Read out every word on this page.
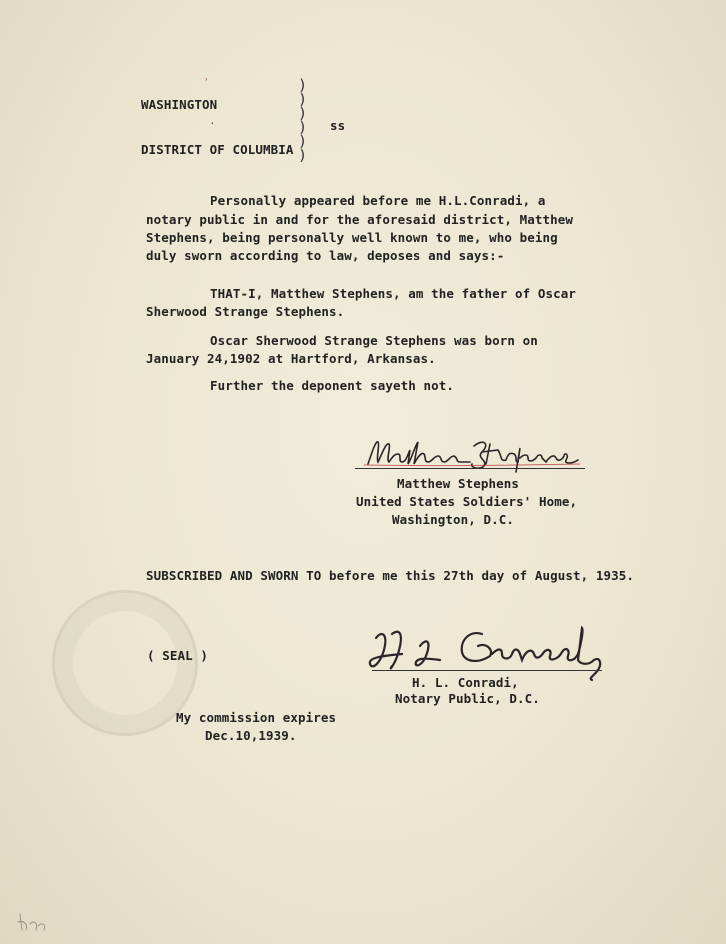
ʾ
·
WASHINGTON
DISTRICT OF COLUMBIA
)
)
)
)
)
)
ss
Personally appeared before me H.L.Conradi, a
notary public in and for the aforesaid district, Matthew
Stephens, being personally well known to me, who being
duly sworn according to law, deposes and says:-
THAT-I, Matthew Stephens, am the father of Oscar
Sherwood Strange Stephens.
Oscar Sherwood Strange Stephens was born on
January 24,1902 at Hartford, Arkansas.
Further the deponent sayeth not.
Matthew Stephens
United States Soldiers' Home,
Washington, D.C.
SUBSCRIBED AND SWORN TO before me this 27th day of August, 1935.
( SEAL )
H. L. Conradi,
Notary Public, D.C.
My commission expires
Dec.10,1939.
